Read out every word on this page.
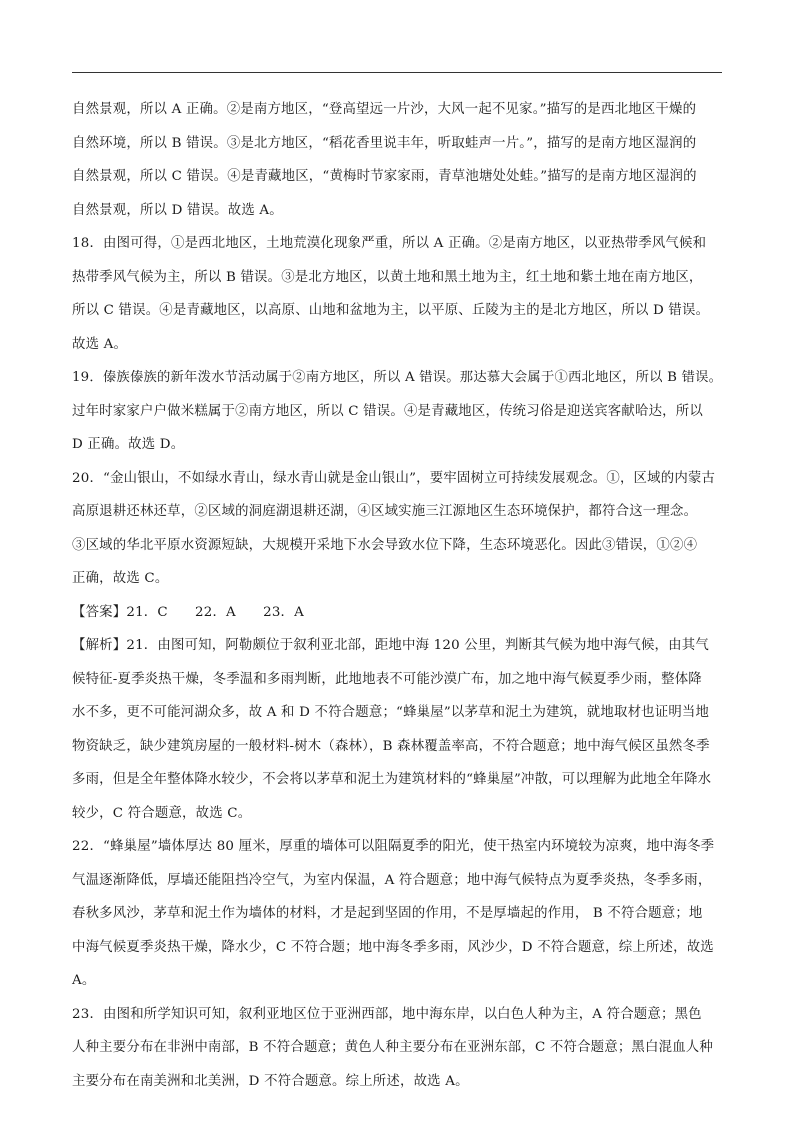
自然景观，所以 A 正确。②是南方地区，“登高望远一片沙，大风一起不见家。”描写的是西北地区干燥的
自然环境，所以 B 错误。③是北方地区，“稻花香里说丰年，听取蛙声一片。”，描写的是南方地区湿润的
自然景观，所以 C 错误。④是青藏地区，“黄梅时节家家雨，青草池塘处处蛙。”描写的是南方地区湿润的
自然景观，所以 D 错误。故选 A。
18．由图可得，①是西北地区，土地荒漠化现象严重，所以 A 正确。②是南方地区，以亚热带季风气候和
热带季风气候为主，所以 B 错误。③是北方地区，以黄土地和黑土地为主，红土地和紫土地在南方地区，
所以 C 错误。④是青藏地区，以高原、山地和盆地为主，以平原、丘陵为主的是北方地区，所以 D 错误。
故选 A。
19．傣族傣族的新年泼水节活动属于②南方地区，所以 A 错误。那达慕大会属于①西北地区，所以 B 错误。
过年时家家户户做米糕属于②南方地区，所以 C 错误。④是青藏地区，传统习俗是迎送宾客献哈达，所以
D 正确。故选 D。
20．“金山银山，不如绿水青山，绿水青山就是金山银山”，要牢固树立可持续发展观念。①，区域的内蒙古
高原退耕还林还草，②区域的洞庭湖退耕还湖，④区域实施三江源地区生态环境保护，都符合这一理念。
③区域的华北平原水资源短缺，大规模开采地下水会导致水位下降，生态环境恶化。因此③错误，①②④
正确，故选 C。
【答案】21．C　　22．A　　23．A
【解析】21．由图可知，阿勒颇位于叙利亚北部，距地中海 120 公里，判断其气候为地中海气候，由其气
候特征-夏季炎热干燥，冬季温和多雨判断，此地地表不可能沙漠广布，加之地中海气候夏季少雨，整体降
水不多，更不可能河湖众多，故 A 和 D 不符合题意；“蜂巢屋”以茅草和泥土为建筑，就地取材也证明当地
物资缺乏，缺少建筑房屋的一般材料-树木（森林），B 森林覆盖率高，不符合题意；地中海气候区虽然冬季
多雨，但是全年整体降水较少，不会将以茅草和泥土为建筑材料的“蜂巢屋”冲散，可以理解为此地全年降水
较少，C 符合题意，故选 C。
22．“蜂巢屋”墙体厚达 80 厘米，厚重的墙体可以阻隔夏季的阳光，使干热室内环境较为凉爽，地中海冬季
气温逐渐降低，厚墙还能阻挡冷空气，为室内保温，A 符合题意；地中海气候特点为夏季炎热，冬季多雨，
春秋多风沙，茅草和泥土作为墙体的材料，才是起到坚固的作用，不是厚墙起的作用， B 不符合题意；地
中海气候夏季炎热干燥，降水少，C 不符合题；地中海冬季多雨，风沙少，D 不符合题意，综上所述，故选
A。
23．由图和所学知识可知，叙利亚地区位于亚洲西部，地中海东岸，以白色人种为主，A 符合题意；黑色
人种主要分布在非洲中南部，B 不符合题意；黄色人种主要分布在亚洲东部，C 不符合题意；黑白混血人种
主要分布在南美洲和北美洲，D 不符合题意。综上所述，故选 A。
